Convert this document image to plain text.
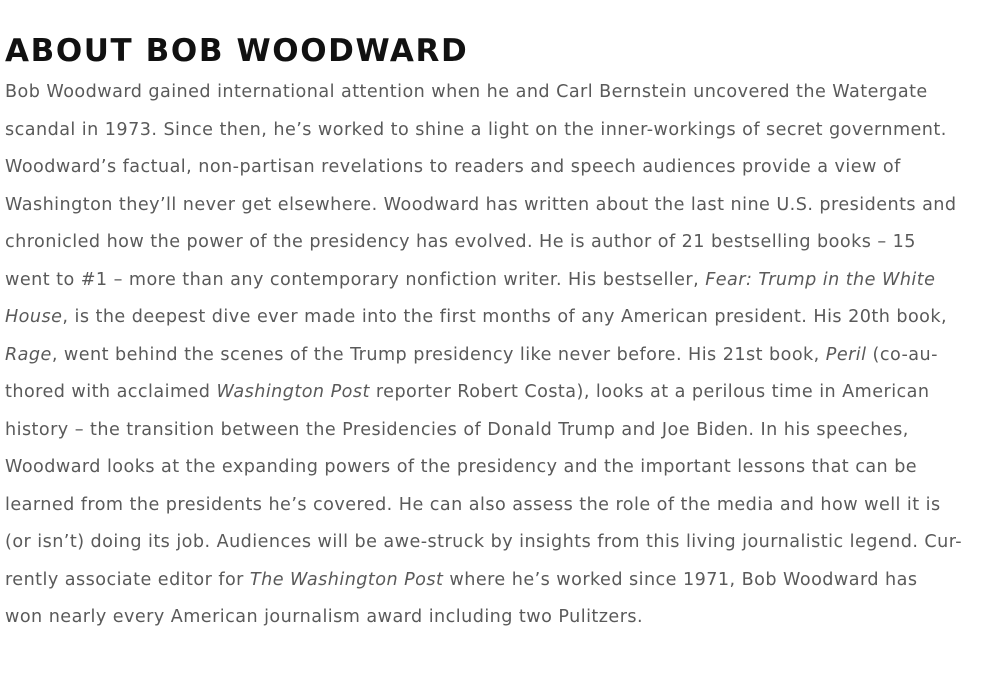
ABOUT BOB WOODWARD

Bob Woodward gained international attention when he and Carl Bernstein uncovered the Watergate
scandal in 1973. Since then, he’s worked to shine a light on the inner-workings of secret government.
Woodward’s factual, non-partisan revelations to readers and speech audiences provide a view of
Washington they’ll never get elsewhere. Woodward has written about the last nine U.S. presidents and
chronicled how the power of the presidency has evolved. He is author of 21 bestselling books – 15
went to #1 – more than any contemporary nonfiction writer. His bestseller, Fear: Trump in the White
House, is the deepest dive ever made into the first months of any American president. His 20th book,
Rage, went behind the scenes of the Trump presidency like never before. His 21st book, Peril (co-au-
thored with acclaimed Washington Post reporter Robert Costa), looks at a perilous time in American
history – the transition between the Presidencies of Donald Trump and Joe Biden. In his speeches,
Woodward looks at the expanding powers of the presidency and the important lessons that can be
learned from the presidents he’s covered. He can also assess the role of the media and how well it is
(or isn’t) doing its job. Audiences will be awe-struck by insights from this living journalistic legend. Cur-
rently associate editor for The Washington Post where he’s worked since 1971, Bob Woodward has
won nearly every American journalism award including two Pulitzers.
